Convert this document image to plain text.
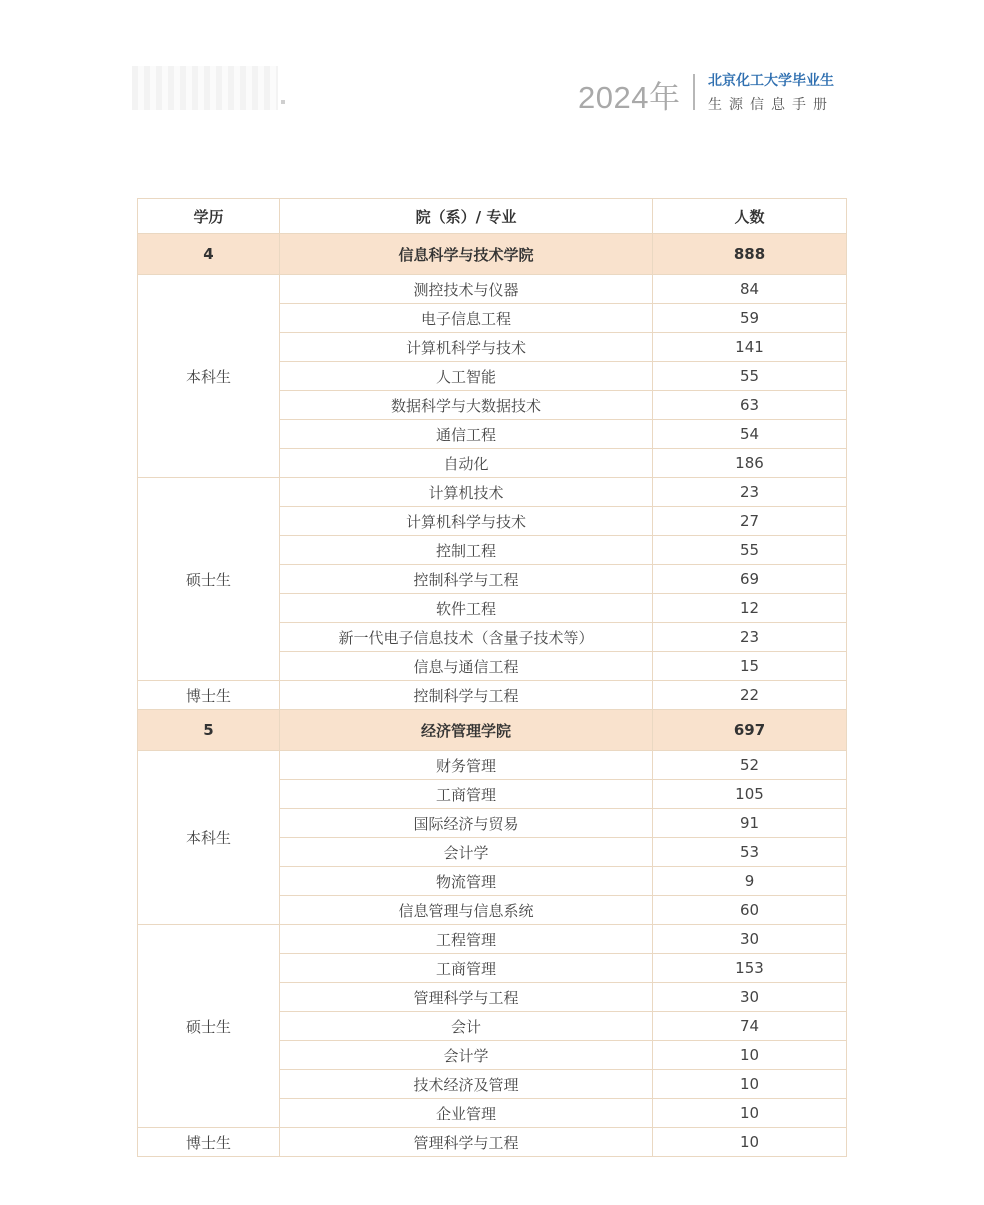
2024年 北京化工大学毕业生
生源信息手册
学历	院（系）/ 专业	人数
4	信息科学与技术学院	888
本科生	测控技术与仪器	84
	电子信息工程	59
	计算机科学与技术	141
	人工智能	55
	数据科学与大数据技术	63
	通信工程	54
	自动化	186
硕士生	计算机技术	23
	计算机科学与技术	27
	控制工程	55
	控制科学与工程	69
	软件工程	12
	新一代电子信息技术（含量子技术等）	23
	信息与通信工程	15
博士生	控制科学与工程	22
5	经济管理学院	697
本科生	财务管理	52
	工商管理	105
	国际经济与贸易	91
	会计学	53
	物流管理	9
	信息管理与信息系统	60
硕士生	工程管理	30
	工商管理	153
	管理科学与工程	30
	会计	74
	会计学	10
	技术经济及管理	10
	企业管理	10
博士生	管理科学与工程	10
